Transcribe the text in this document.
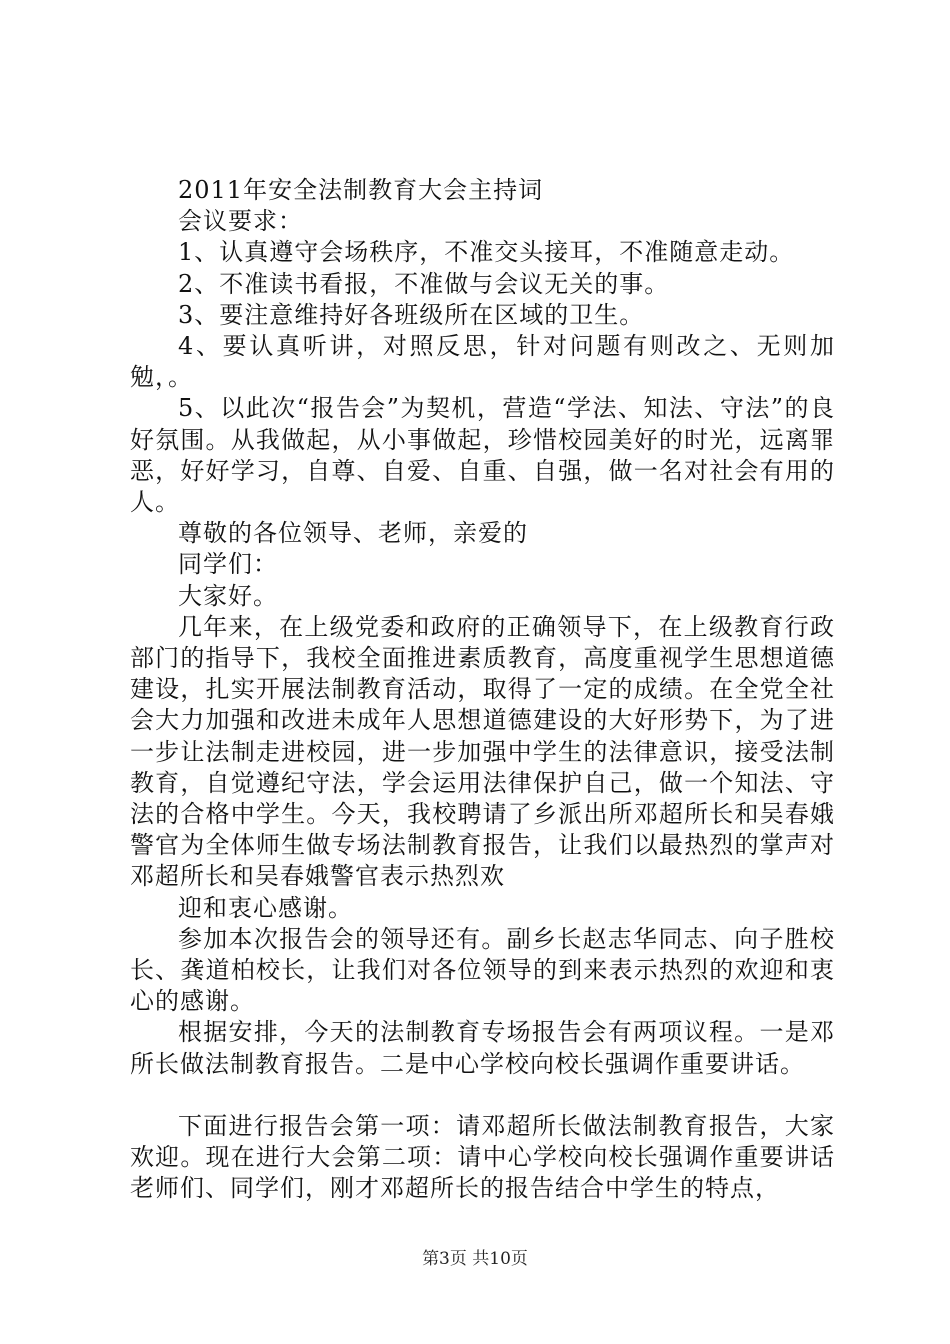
2011年安全法制教育大会主持词

会议要求：

1、认真遵守会场秩序，不准交头接耳，不准随意走动。

2、不准读书看报，不准做与会议无关的事。

3、要注意维持好各班级所在区域的卫生。

4、要认真听讲，对照反思，针对问题有则改之、无则加勉，。

5、以此次“报告会”为契机，营造“学法、知法、守法”的良好氛围。从我做起，从小事做起，珍惜校园美好的时光，远离罪恶，好好学习，自尊、自爱、自重、自强，做一名对社会有用的人。

尊敬的各位领导、老师，亲爱的

同学们：

大家好。

几年来，在上级党委和政府的正确领导下，在上级教育行政部门的指导下，我校全面推进素质教育，高度重视学生思想道德建设，扎实开展法制教育活动，取得了一定的成绩。在全党全社会大力加强和改进未成年人思想道德建设的大好形势下，为了进一步让法制走进校园，进一步加强中学生的法律意识，接受法制教育，自觉遵纪守法，学会运用法律保护自己，做一个知法、守法的合格中学生。今天，我校聘请了乡派出所邓超所长和吴春娥警官为全体师生做专场法制教育报告，让我们以最热烈的掌声对邓超所长和吴春娥警官表示热烈欢

迎和衷心感谢。

参加本次报告会的领导还有。副乡长赵志华同志、向子胜校长、龚道柏校长，让我们对各位领导的到来表示热烈的欢迎和衷心的感谢。

根据安排，今天的法制教育专场报告会有两项议程。一是邓所长做法制教育报告。二是中心学校向校长强调作重要讲话。

下面进行报告会第一项：请邓超所长做法制教育报告，大家欢迎。现在进行大会第二项：请中心学校向校长强调作重要讲话老师们、同学们，刚才邓超所长的报告结合中学生的特点，

第3页 共10页
